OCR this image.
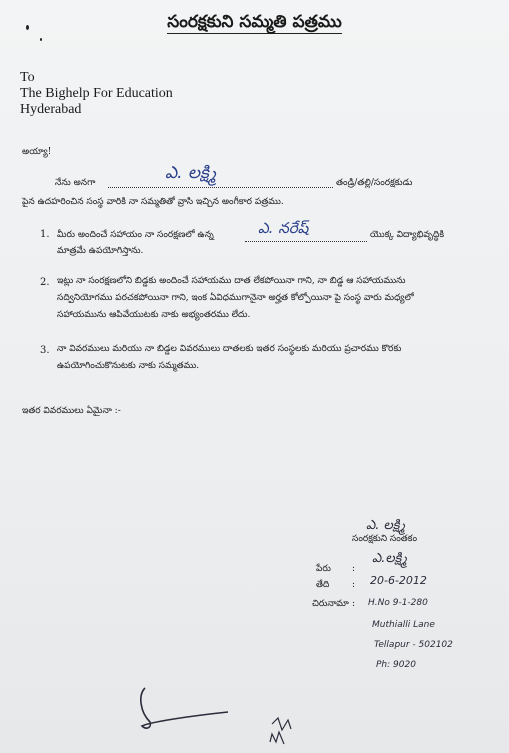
సంరక్షకుని సమ్మతి పత్రము
To
The Bighelp For Education
Hyderabad
అయ్యా!
నేను అనగా	తండ్రి/తల్లి/సంరక్షకుడు
ఎ. లక్ష్మి
పైన ఉదహరించిన సంస్థ వారికి నా సమ్మతితో వ్రాసి ఇచ్చిన అంగీకార పత్రము.
1. మీరు అందించే సహాయం నా సంరక్షణలో ఉన్న	యొక్క విద్యాభివృద్ధికి
మాత్రమే ఉపయోగిస్తాను.
ఎ. నరేష్
2. ఇట్లు నా సంరక్షణలోని బిడ్డకు అందించే సహాయము దాత లేకపోయినా గాని, నా బిడ్డ ఆ సహాయమును
సద్వినియోగము పరచకపోయినా గాని, ఇంక ఏవిధముగానైనా అర్హత కోల్పోయినా పై సంస్థ వారు మధ్యలో
సహాయమును ఆపివేయుటకు నాకు అభ్యంతరము లేదు.
3. నా వివరములు మరియు నా బిడ్డల వివరములు దాతలకు ఇతర సంస్థలకు మరియు ప్రచారము కొరకు
ఉపయోగించుకొనుటకు నాకు సమ్మతము.
ఇతర వివరములు ఏమైనా :-
ఎ. లక్ష్మి
సంరక్షకుని సంతకం
పేరు :
ఎ.లక్ష్మి
తేది	: 20-6-2012
చిరునామా : H.No 9-1-280
Muthialli Lane
Tellapur - 502102
Ph: 9020
